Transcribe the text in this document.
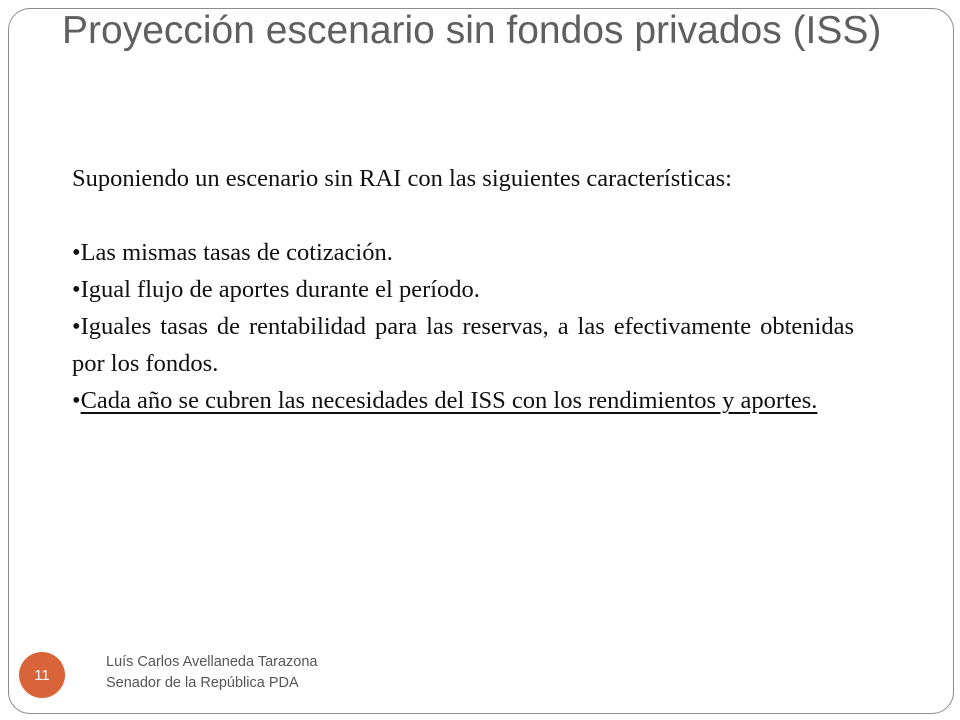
Proyección escenario sin fondos privados (ISS)

Suponiendo un escenario sin RAI con las siguientes características:

•Las mismas tasas de cotización.

•Igual flujo de aportes durante el período.

•Iguales tasas de rentabilidad para las reservas, a las efectivamente obtenidas por los fondos.

•Cada año se cubren las necesidades del ISS con los rendimientos y aportes.

11
Luís Carlos Avellaneda Tarazona
Senador de la República PDA
